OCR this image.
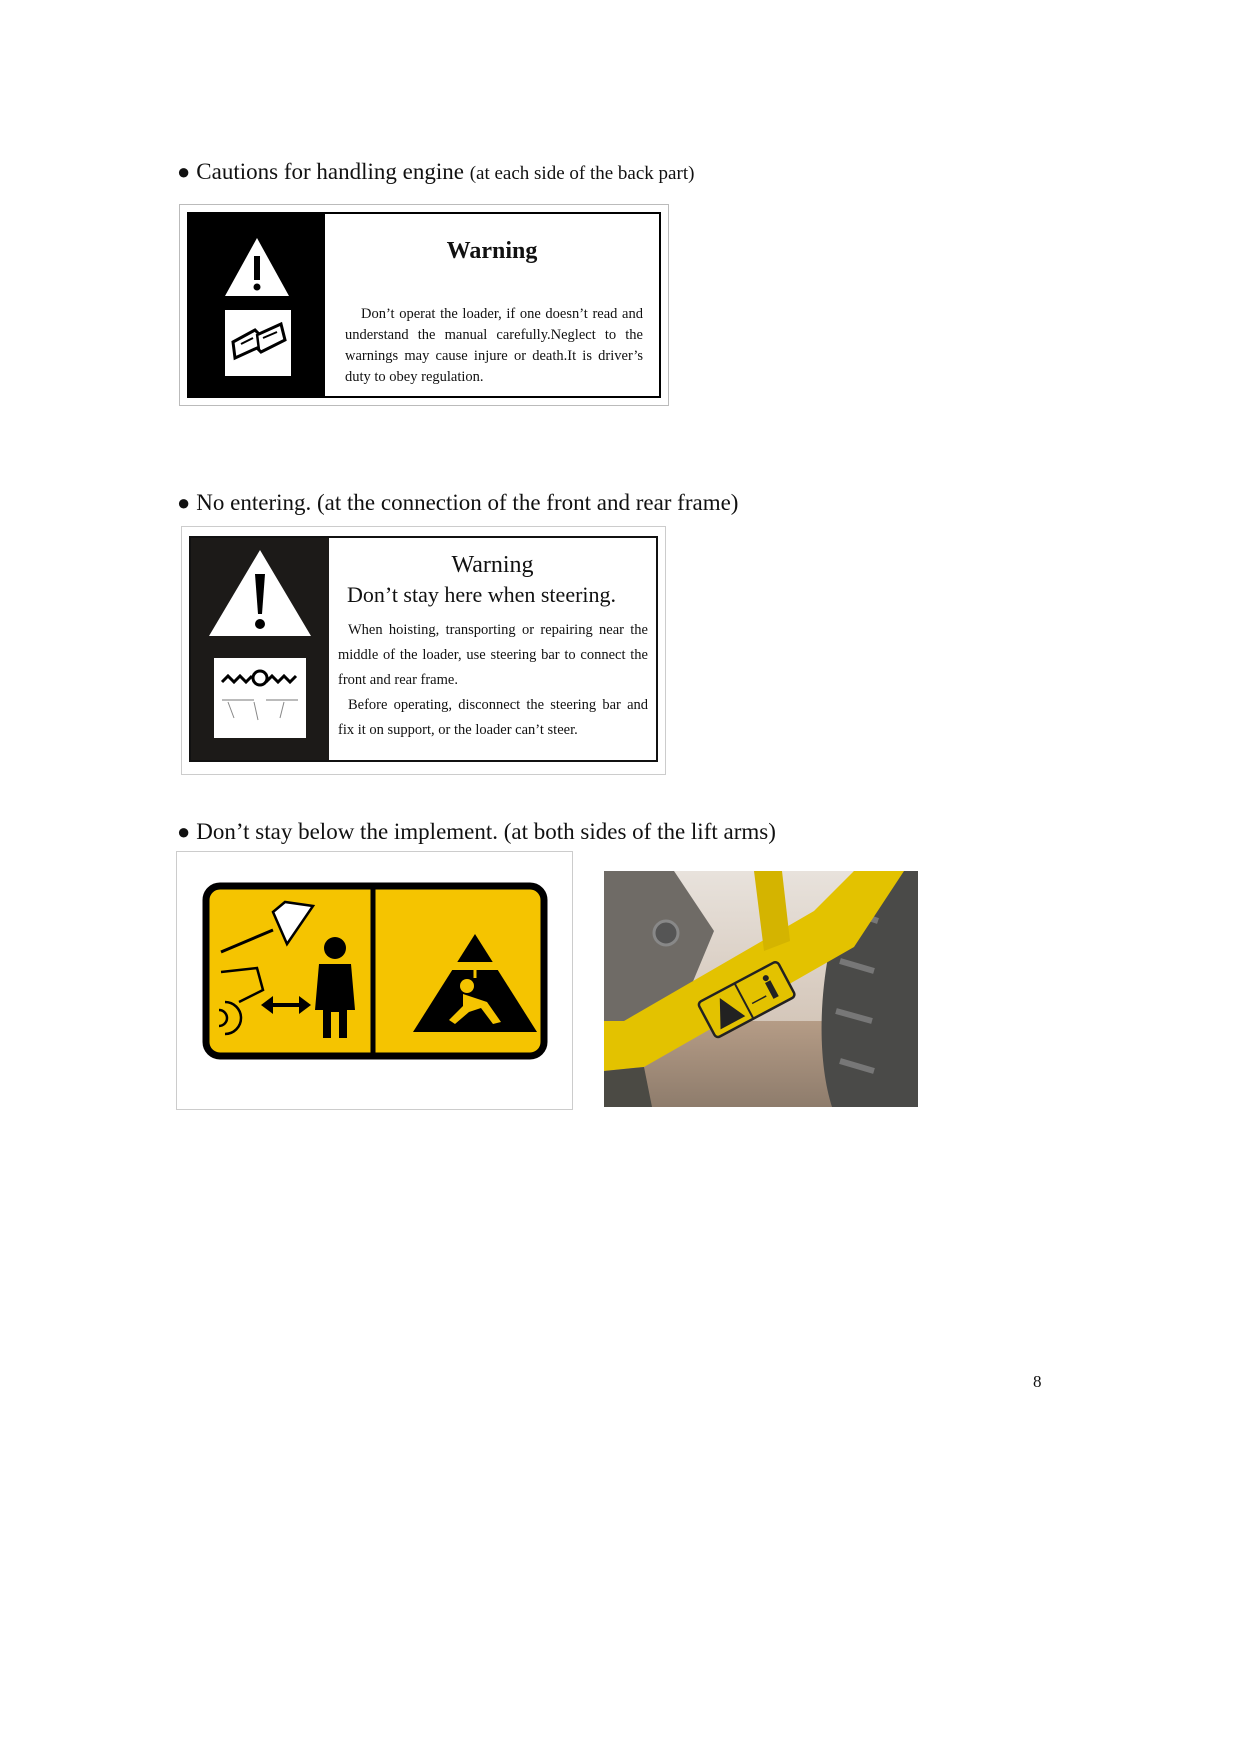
● Cautions for handling engine (at each side of the back part)
Warning
Don’t operat the loader, if one doesn’t read and understand the manual carefully.Neglect to the warnings may cause injure or death.It is driver’s duty to obey regulation.
● No entering. (at the connection of the front and rear frame)
Warning
Don’t stay here when steering.

When hoisting, transporting or repairing near the middle of the loader, use steering bar to connect the front and rear frame.

Before operating, disconnect the steering bar and fix it on support, or the loader can’t steer.

● Don’t stay below the implement. (at both sides of the lift arms)
8
